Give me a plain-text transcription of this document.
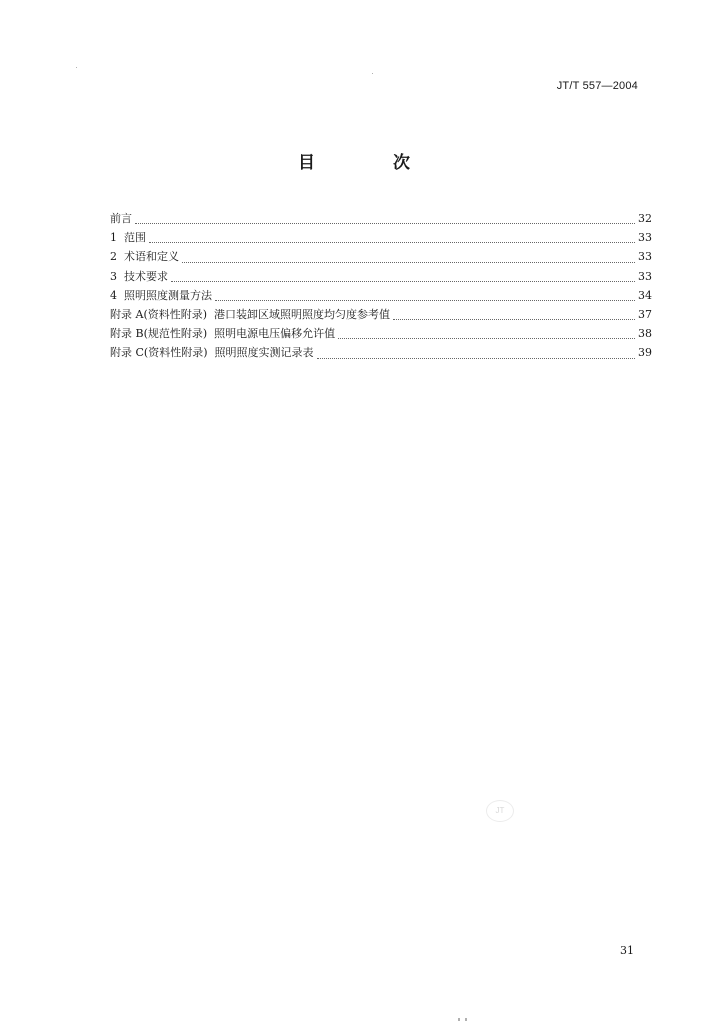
JT/T 557—2004
目 次
前言	32
1  范围	33
2  术语和定义	33
3  技术要求	33
4  照明照度测量方法	34
附录 A(资料性附录)  港口装卸区域照明照度均匀度参考值	37
附录 B(规范性附录)  照明电源电压偏移允许值	38
附录 C(资料性附录)  照明照度实测记录表	39
JT
31
